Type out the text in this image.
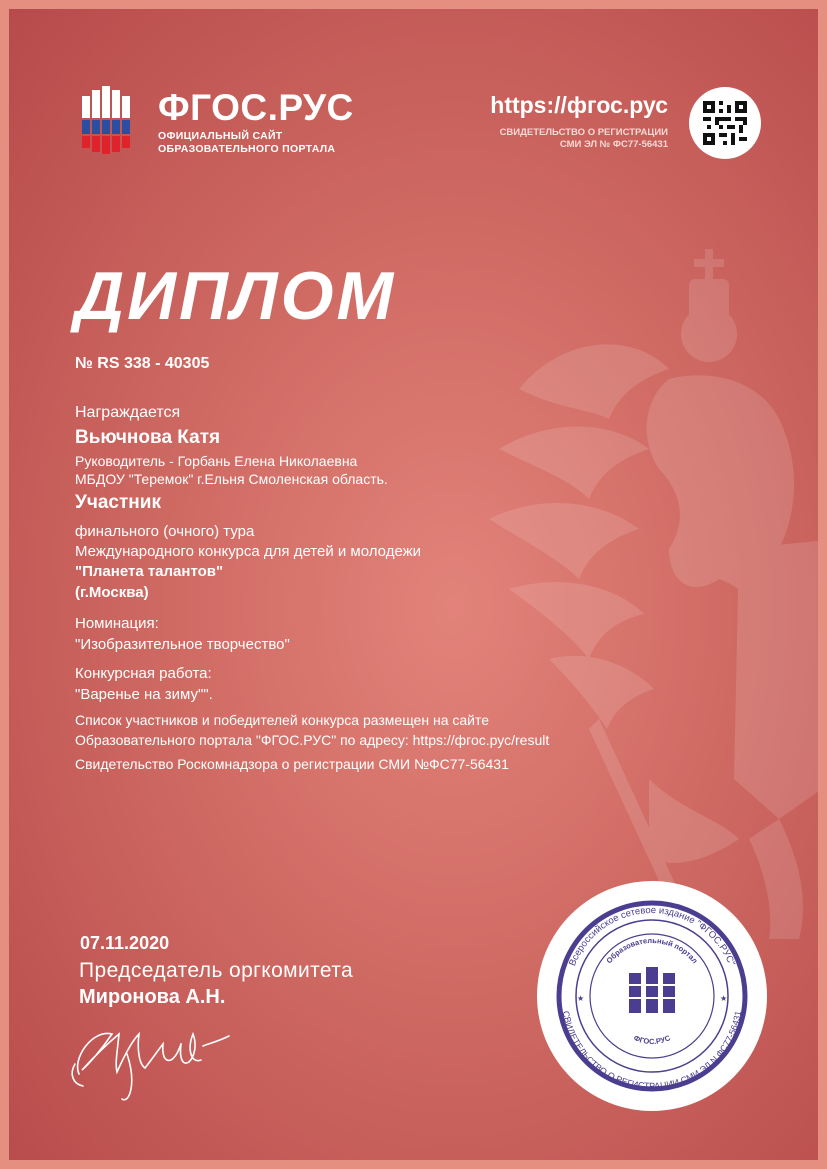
ФГОС.РУС
ОФИЦИАЛЬНЫЙ САЙТ
ОБРАЗОВАТЕЛЬНОГО ПОРТАЛА
https://фгос.рус
СВИДЕТЕЛЬСТВО О РЕГИСТРАЦИИ
СМИ ЭЛ № ФС77-56431
ДИПЛОМ
№ RS 338 - 40305
Награждается
Вьючнова Катя
Руководитель - Горбань Елена Николаевна
МБДОУ "Теремок" г.Ельня Смоленская область.
Участник
финального (очного) тура
Международного конкурса для детей и молодежи
"Планета талантов"
(г.Москва)
Номинация:
"Изобразительное творчество"
Конкурсная работа:
"Варенье на зиму"".
Список участников и победителей конкурса размещен на сайте
Образовательного портала "ФГОС.РУС" по адресу: https://фгос.рус/result
Свидетельство Роскомнадзора о регистрации СМИ №ФС77-56431
07.11.2020
Председатель оргкомитета
Миронова А.Н.
Всероссийское сетевое издание "ФГОС.РУС"
СВИДЕТЕЛЬСТВО О РЕГИСТРАЦИИ СМИ ЭЛ N ФС77-56431
Образовательный портал
ФГОС.РУС
★	★
